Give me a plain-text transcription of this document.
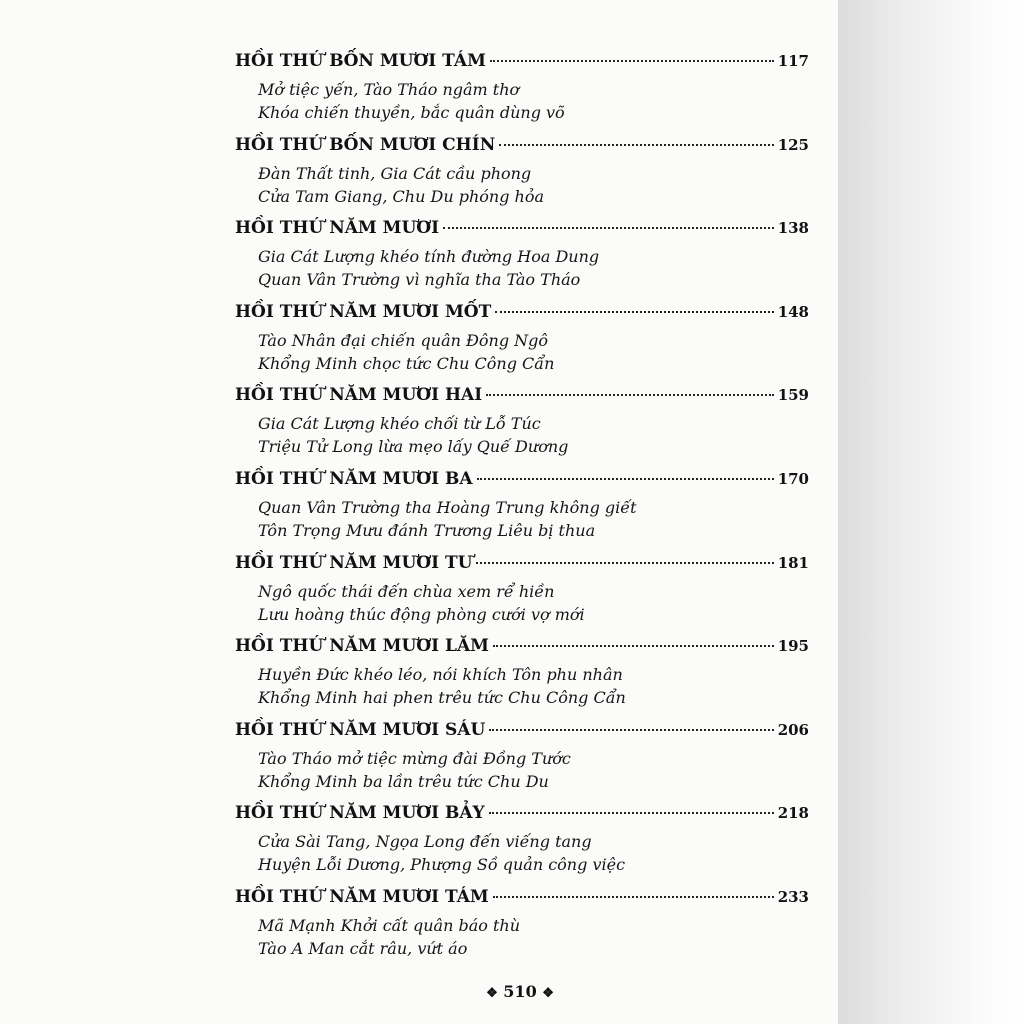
HỒI THỨ BỐN MƯƠI TÁM	117
Mở tiệc yến, Tào Tháo ngâm thơ
Khóa chiến thuyền, bắc quân dùng võ
HỒI THỨ BỐN MƯƠI CHÍN	125
Đàn Thất tinh, Gia Cát cầu phong
Cửa Tam Giang, Chu Du phóng hỏa
HỒI THỨ NĂM MƯƠI	138
Gia Cát Lượng khéo tính đường Hoa Dung
Quan Vân Trường vì nghĩa tha Tào Tháo
HỒI THỨ NĂM MƯƠI MỐT	148
Tào Nhân đại chiến quân Đông Ngô
Khổng Minh chọc tức Chu Công Cẩn
HỒI THỨ NĂM MƯƠI HAI	159
Gia Cát Lượng khéo chối từ Lỗ Túc
Triệu Tử Long lừa mẹo lấy Quế Dương
HỒI THỨ NĂM MƯƠI BA	170
Quan Vân Trường tha Hoàng Trung không giết
Tôn Trọng Mưu đánh Trương Liêu bị thua
HỒI THỨ NĂM MƯƠI TƯ	181
Ngô quốc thái đến chùa xem rể hiền
Lưu hoàng thúc động phòng cưới vợ mới
HỒI THỨ NĂM MƯƠI LĂM	195
Huyền Đức khéo léo, nói khích Tôn phu nhân
Khổng Minh hai phen trêu tức Chu Công Cẩn
HỒI THỨ NĂM MƯƠI SÁU	206
Tào Tháo mở tiệc mừng đài Đồng Tước
Khổng Minh ba lần trêu tức Chu Du
HỒI THỨ NĂM MƯƠI BẢY	218
Cửa Sài Tang, Ngọa Long đến viếng tang
Huyện Lỗi Dương, Phượng Sồ quản công việc
HỒI THỨ NĂM MƯƠI TÁM	233
Mã Mạnh Khởi cất quân báo thù
Tào A Man cắt râu, vứt áo
❖ 510 ❖
